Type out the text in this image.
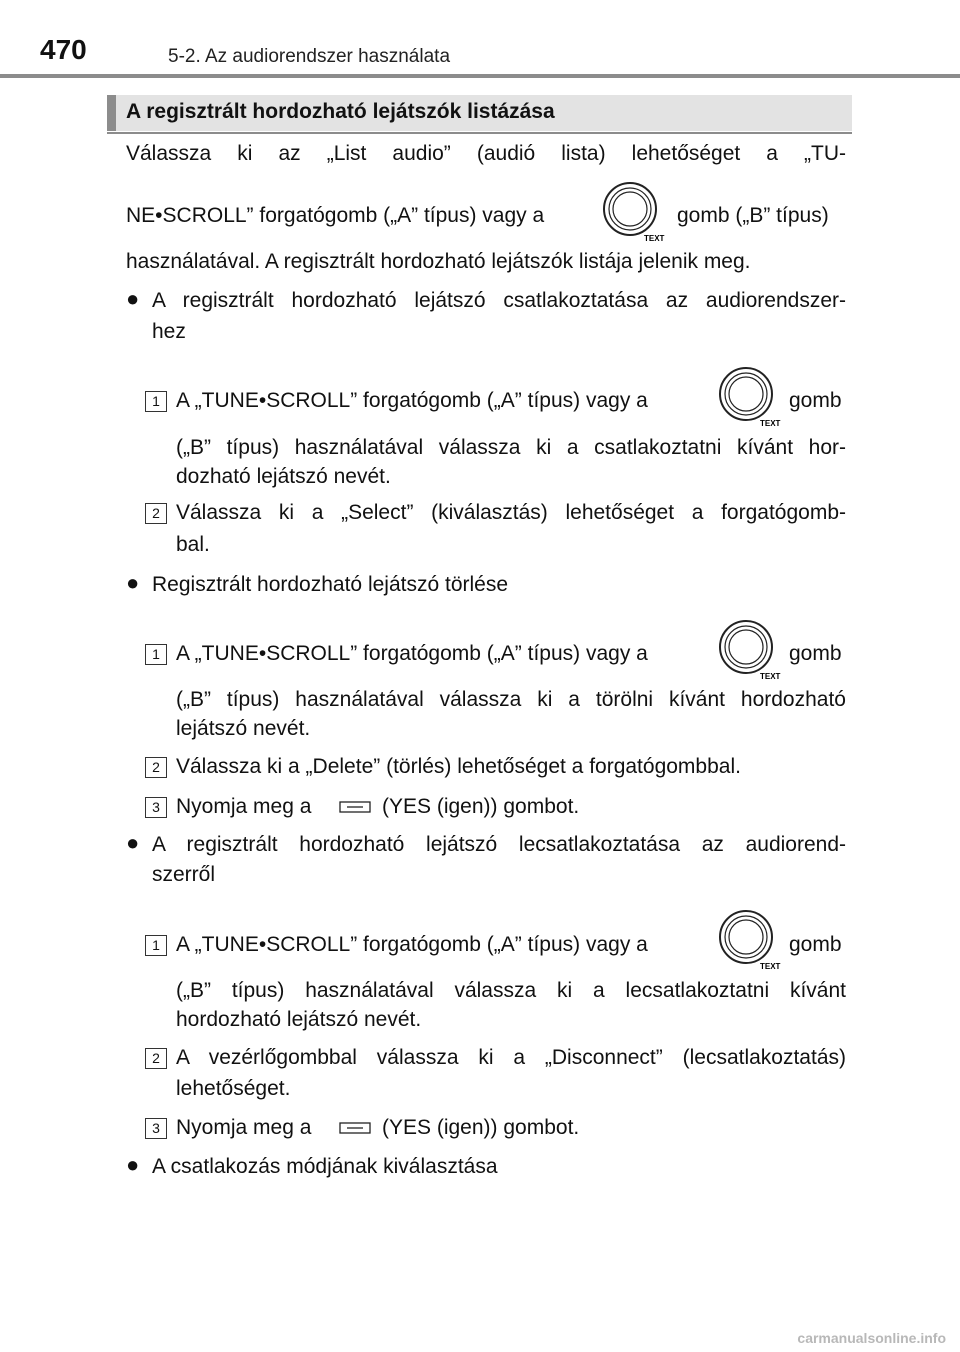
470	5-2. Az audiorendszer használata
A regisztrált hordozható lejátszók listázása
Válassza ki az „List audio” (audió lista) lehetőséget a „TU-
NE•SCROLL” forgatógomb („A” típus) vagy a
TEXT
gomb („B” típus)
használatával. A regisztrált hordozható lejátszók listája jelenik meg.
● A regisztrált hordozható lejátszó csatlakoztatása az audiorendszer-
hez
1 A „TUNE•SCROLL” forgatógomb („A” típus) vagy a
TEXT
gomb
(„B” típus) használatával válassza ki a csatlakoztatni kívánt hor-
dozható lejátszó nevét.
2 Válassza ki a „Select” (kiválasztás) lehetőséget a forgatógomb-
bal.
● Regisztrált hordozható lejátszó törlése
1 A „TUNE•SCROLL” forgatógomb („A” típus) vagy a
TEXT
gomb
(„B” típus) használatával válassza ki a törölni kívánt hordozható
lejátszó nevét.
2 Válassza ki a „Delete” (törlés) lehetőséget a forgatógombbal.
3 Nyomja meg a	(YES (igen)) gombot.
● A regisztrált hordozható lejátszó lecsatlakoztatása az audiorend-
szerről
1 A „TUNE•SCROLL” forgatógomb („A” típus) vagy a
TEXT
gomb
(„B” típus) használatával válassza ki a lecsatlakoztatni kívánt
hordozható lejátszó nevét.
2 A vezérlőgombbal válassza ki a „Disconnect” (lecsatlakoztatás)
lehetőséget.
3 Nyomja meg a	(YES (igen)) gombot.
● A csatlakozás módjának kiválasztása
carmanualsonline.info
